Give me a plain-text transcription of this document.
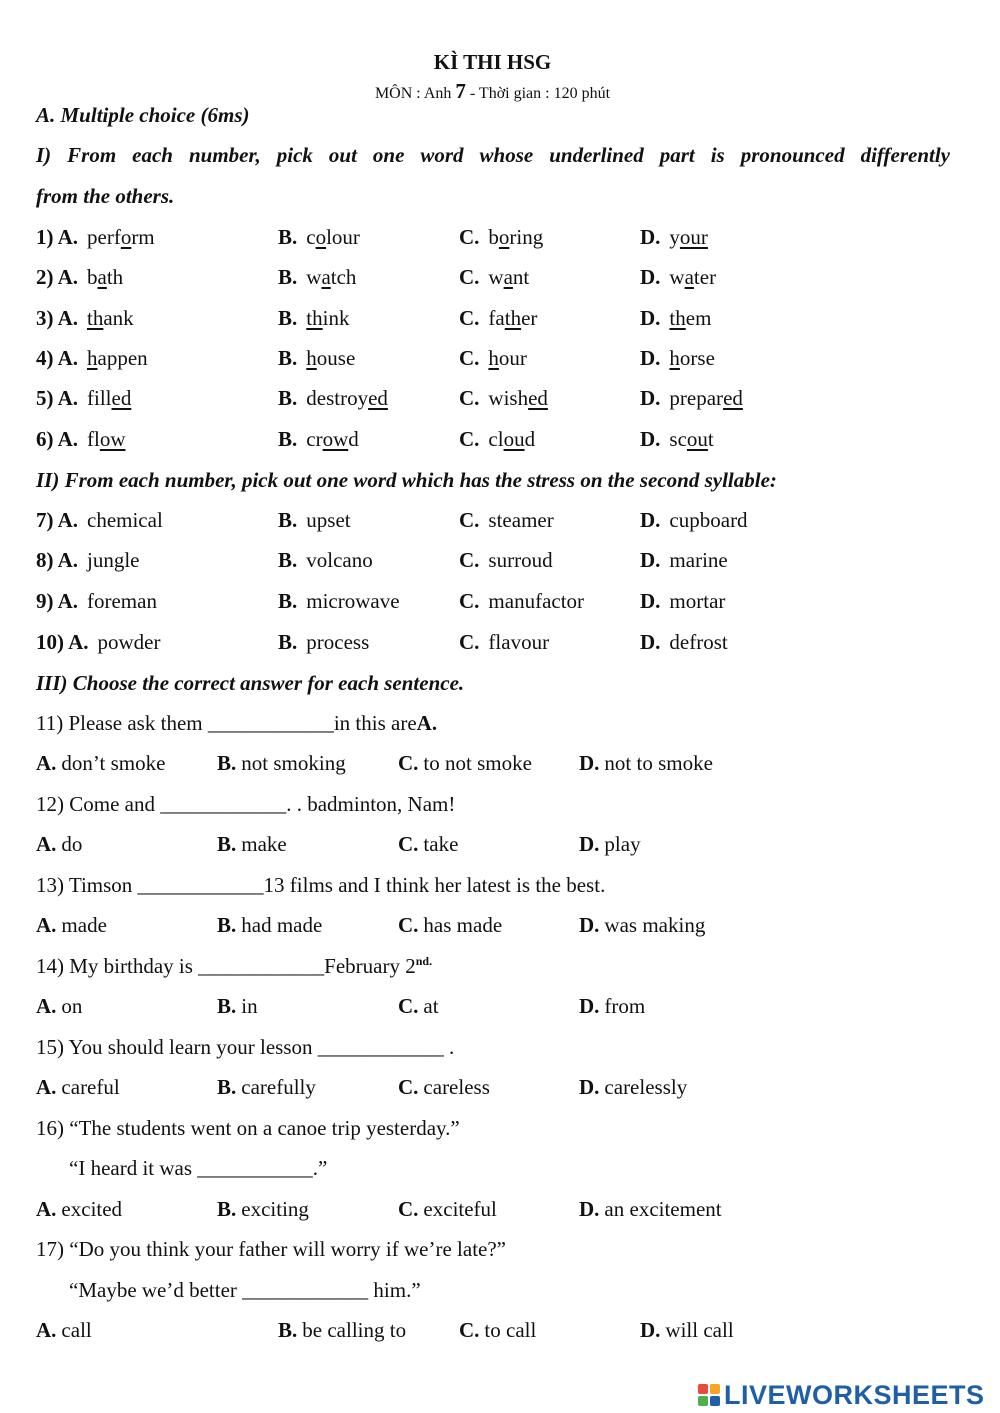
KÌ THI HSG
MÔN : Anh 7 - Thời gian : 120 phút
A. Multiple choice (6ms)
I) From each number, pick out one word whose underlined part is pronounced differently
from the others.
1) A. perform	B. colour	C. boring	D. your
2) A. bath	B. watch	C. want	D. water
3) A. thank	B. think	C. father	D. them
4) A. happen	B. house	C. hour	D. horse
5) A. filled	B. destroyed	C. wished	D. prepared
6) A. flow	B. crowd	C. cloud	D. scout
II) From each number, pick out one word which has the stress on the second syllable:
7) A. chemical	B. upset	C. steamer	D. cupboard
8) A. jungle	B. volcano	C. surroud	D. marine
9) A. foreman	B. microwave	C. manufactor	D. mortar
10) A. powder	B. process	C. flavour	D. defrost
III) Choose the correct answer for each sentence.
11) Please ask them ____________in this areA.
A. don’t smoke B. not smoking C. to not smoke D. not to smoke
12) Come and ____________. . badminton, Nam!
A. do	B. make	C. take	D. play
13) Timson ____________13 films and I think her latest is the best.
A. made	B. had made	C. has made	D. was making
14) My birthday is ____________February $2^{nd.}$
A. on	B. in	C. at	D. from
15) You should learn your lesson ____________ .
A. careful	B. carefully	C. careless	D. carelessly
16) “The students went on a canoe trip yesterday.”
“I heard it was ___________.”
A. excited	B. exciting	C. exciteful	D. an excitement
17) “Do you think your father will worry if we’re late?”
“Maybe we’d better ____________ him.”
A. call	B. be calling to	C. to call	D. will call
LIVEWORKSHEETS
